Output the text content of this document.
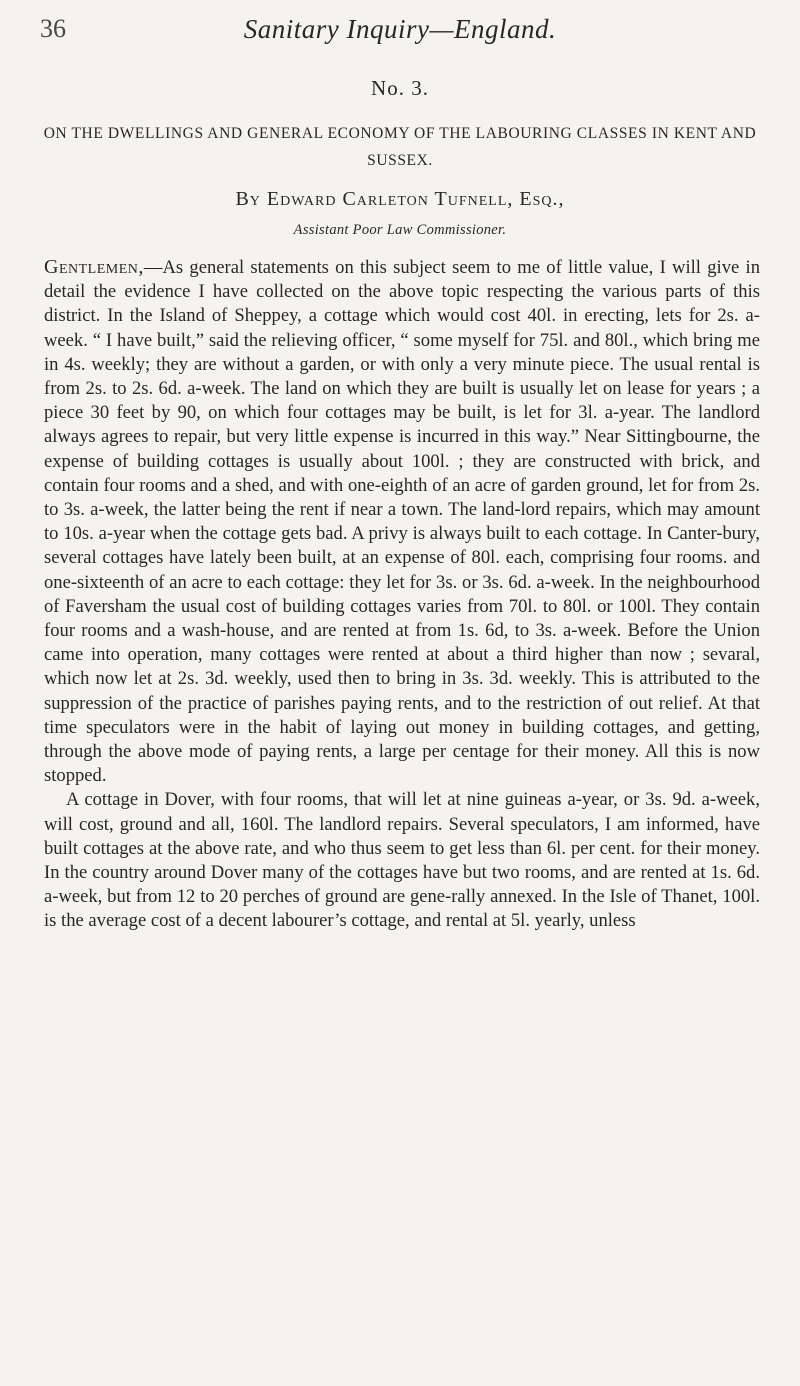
36	Sanitary Inquiry—England.
No. 3.
ON THE DWELLINGS AND GENERAL ECONOMY OF THE LABOURING CLASSES IN KENT AND SUSSEX.
By Edward Carleton Tufnell, Esq.,
Assistant Poor Law Commissioner.

Gentlemen,—As general statements on this subject seem to me of little value, I will give in detail the evidence I have collected on the above topic respecting the various parts of this district. In the Island of Sheppey, a cottage which would cost 40l. in erecting, lets for 2s. a-week. “ I have built,” said the relieving officer, “ some myself for 75l. and 80l., which bring me in 4s. weekly; they are without a garden, or with only a very minute piece. The usual rental is from 2s. to 2s. 6d. a-week. The land on which they are built is usually let on lease for years ; a piece 30 feet by 90, on which four cottages may be built, is let for 3l. a-year. The landlord always agrees to repair, but very little expense is incurred in this way.” Near Sittingbourne, the expense of building cottages is usually about 100l. ; they are constructed with brick, and contain four rooms and a shed, and with one-eighth of an acre of garden ground, let for from 2s. to 3s. a-week, the latter being the rent if near a town. The land-lord repairs, which may amount to 10s. a-year when the cottage gets bad. A privy is always built to each cottage. In Canter-bury, several cottages have lately been built, at an expense of 80l. each, comprising four rooms. and one-sixteenth of an acre to each cottage: they let for 3s. or 3s. 6d. a-week. In the neighbourhood of Faversham the usual cost of building cottages varies from 70l. to 80l. or 100l. They contain four rooms and a wash-house, and are rented at from 1s. 6d, to 3s. a-week. Before the Union came into operation, many cottages were rented at about a third higher than now ; sevaral, which now let at 2s. 3d. weekly, used then to bring in 3s. 3d. weekly. This is attributed to the suppression of the practice of parishes paying rents, and to the restriction of out relief. At that time speculators were in the habit of laying out money in building cottages, and getting, through the above mode of paying rents, a large per centage for their money. All this is now stopped.

A cottage in Dover, with four rooms, that will let at nine guineas a-year, or 3s. 9d. a-week, will cost, ground and all, 160l. The landlord repairs. Several speculators, I am informed, have built cottages at the above rate, and who thus seem to get less than 6l. per cent. for their money. In the country around Dover many of the cottages have but two rooms, and are rented at 1s. 6d. a-week, but from 12 to 20 perches of ground are gene-rally annexed. In the Isle of Thanet, 100l. is the average cost of a decent labourer’s cottage, and rental at 5l. yearly, unless
